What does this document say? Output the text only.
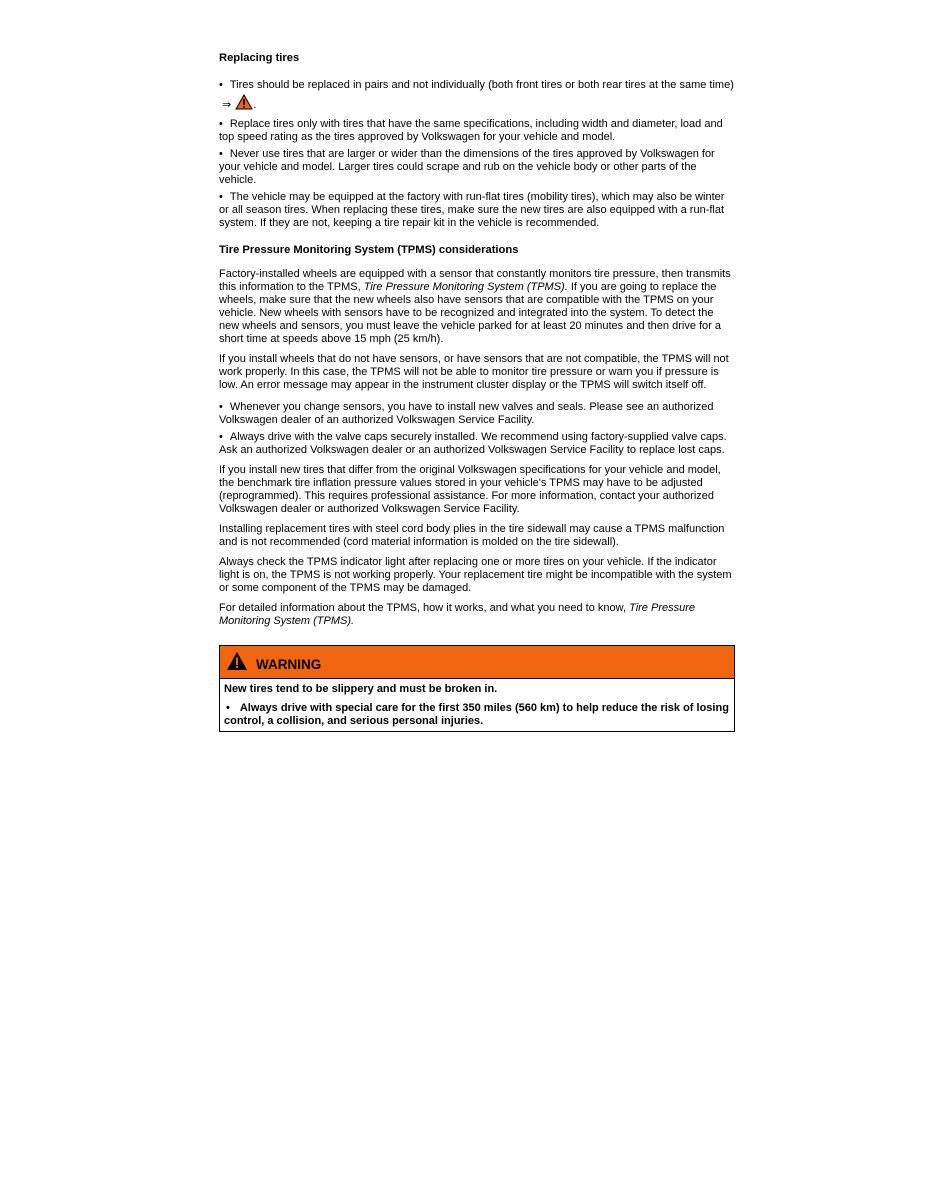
Replacing tires
• Tires should be replaced in pairs and not individually (both front tires or both rear tires at the same time) ⇒ .
• Replace tires only with tires that have the same specifications, including width and diameter, load and top speed rating as the tires approved by Volkswagen for your vehicle and model.
• Never use tires that are larger or wider than the dimensions of the tires approved by Volkswagen for your vehicle and model. Larger tires could scrape and rub on the vehicle body or other parts of the vehicle.
• The vehicle may be equipped at the factory with run-flat tires (mobility tires), which may also be winter or all season tires. When replacing these tires, make sure the new tires are also equipped with a run-flat system. If they are not, keeping a tire repair kit in the vehicle is recommended.
Tire Pressure Monitoring System (TPMS) considerations

Factory-installed wheels are equipped with a sensor that constantly monitors tire pressure, then transmits this information to the TPMS, Tire Pressure Monitoring System (TPMS). If you are going to replace the wheels, make sure that the new wheels also have sensors that are compatible with the TPMS on your vehicle. New wheels with sensors have to be recognized and integrated into the system. To detect the new wheels and sensors, you must leave the vehicle parked for at least 20 minutes and then drive for a short time at speeds above 15 mph (25 km/h).

If you install wheels that do not have sensors, or have sensors that are not compatible, the TPMS will not work properly. In this case, the TPMS will not be able to monitor tire pressure or warn you if pressure is low. An error message may appear in the instrument cluster display or the TPMS will switch itself off.

• Whenever you change sensors, you have to install new valves and seals. Please see an authorized Volkswagen dealer of an authorized Volkswagen Service Facility.
• Always drive with the valve caps securely installed. We recommend using factory-supplied valve caps. Ask an authorized Volkswagen dealer or an authorized Volkswagen Service Facility to replace lost caps.

If you install new tires that differ from the original Volkswagen specifications for your vehicle and model, the benchmark tire inflation pressure values stored in your vehicle's TPMS may have to be adjusted (reprogrammed). This requires professional assistance. For more information, contact your authorized Volkswagen dealer or authorized Volkswagen Service Facility.

Installing replacement tires with steel cord body plies in the tire sidewall may cause a TPMS malfunction and is not recommended (cord material information is molded on the tire sidewall).

Always check the TPMS indicator light after replacing one or more tires on your vehicle. If the indicator light is on, the TPMS is not working properly. Your replacement tire might be incompatible with the system or some component of the TPMS may be damaged.

For detailed information about the TPMS, how it works, and what you need to know, Tire Pressure Monitoring System (TPMS).

WARNING
New tires tend to be slippery and must be broken in.
• Always drive with special care for the first 350 miles (560 km) to help reduce the risk of losing control, a collision, and serious personal injuries.
